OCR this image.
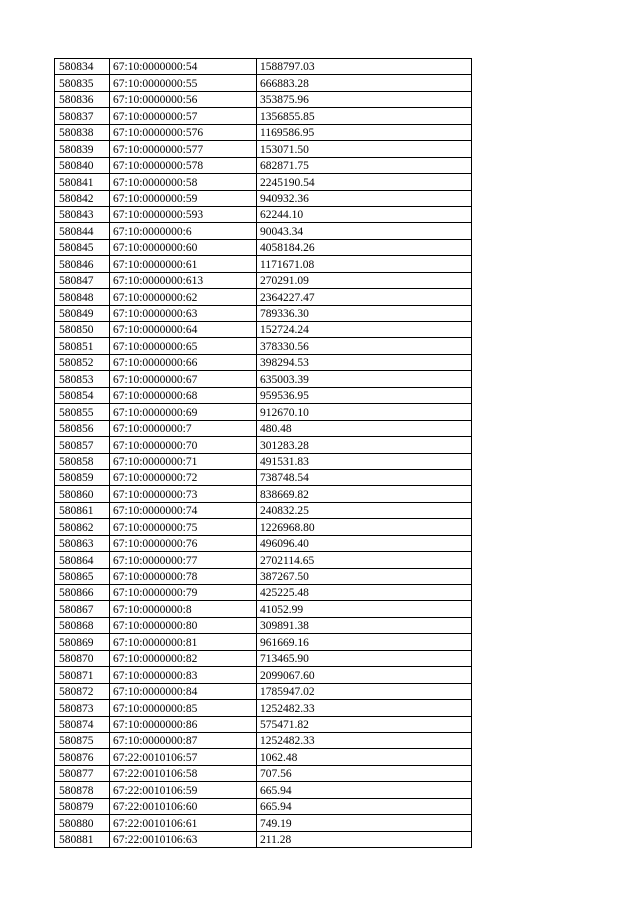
580834	67:10:0000000:54	1588797.03
580835	67:10:0000000:55	666883.28
580836	67:10:0000000:56	353875.96
580837	67:10:0000000:57	1356855.85
580838	67:10:0000000:576	1169586.95
580839	67:10:0000000:577	153071.50
580840	67:10:0000000:578	682871.75
580841	67:10:0000000:58	2245190.54
580842	67:10:0000000:59	940932.36
580843	67:10:0000000:593	62244.10
580844	67:10:0000000:6	90043.34
580845	67:10:0000000:60	4058184.26
580846	67:10:0000000:61	1171671.08
580847	67:10:0000000:613	270291.09
580848	67:10:0000000:62	2364227.47
580849	67:10:0000000:63	789336.30
580850	67:10:0000000:64	152724.24
580851	67:10:0000000:65	378330.56
580852	67:10:0000000:66	398294.53
580853	67:10:0000000:67	635003.39
580854	67:10:0000000:68	959536.95
580855	67:10:0000000:69	912670.10
580856	67:10:0000000:7	480.48
580857	67:10:0000000:70	301283.28
580858	67:10:0000000:71	491531.83
580859	67:10:0000000:72	738748.54
580860	67:10:0000000:73	838669.82
580861	67:10:0000000:74	240832.25
580862	67:10:0000000:75	1226968.80
580863	67:10:0000000:76	496096.40
580864	67:10:0000000:77	2702114.65
580865	67:10:0000000:78	387267.50
580866	67:10:0000000:79	425225.48
580867	67:10:0000000:8	41052.99
580868	67:10:0000000:80	309891.38
580869	67:10:0000000:81	961669.16
580870	67:10:0000000:82	713465.90
580871	67:10:0000000:83	2099067.60
580872	67:10:0000000:84	1785947.02
580873	67:10:0000000:85	1252482.33
580874	67:10:0000000:86	575471.82
580875	67:10:0000000:87	1252482.33
580876	67:22:0010106:57	1062.48
580877	67:22:0010106:58	707.56
580878	67:22:0010106:59	665.94
580879	67:22:0010106:60	665.94
580880	67:22:0010106:61	749.19
580881	67:22:0010106:63	211.28
